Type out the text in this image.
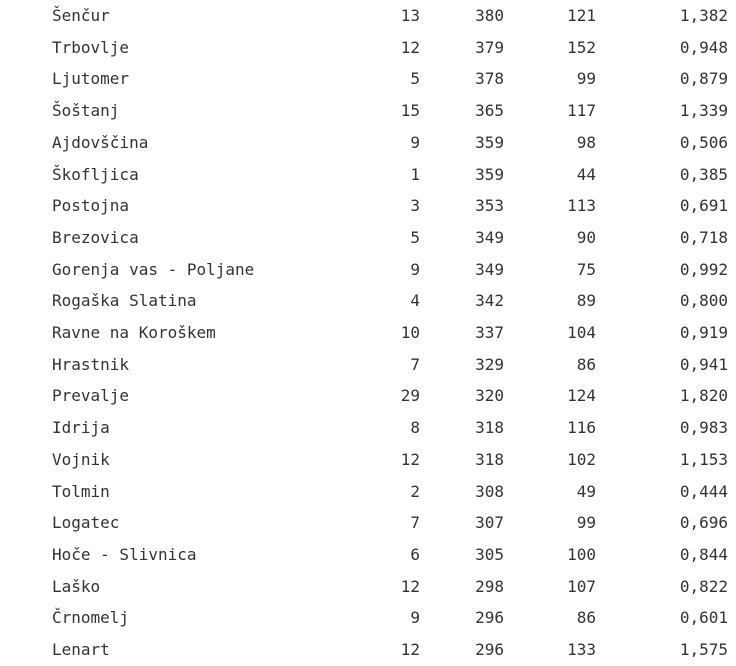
Šenčur	13	380	121	1,382
Trbovlje	12	379	152	0,948
Ljutomer	5	378	99	0,879
Šoštanj	15	365	117	1,339
Ajdovščina	9	359	98	0,506
Škofljica	1	359	44	0,385
Postojna	3	353	113	0,691
Brezovica	5	349	90	0,718
Gorenja vas - Poljane	9	349	75	0,992
Rogaška Slatina	4	342	89	0,800
Ravne na Koroškem	10	337	104	0,919
Hrastnik	7	329	86	0,941
Prevalje	29	320	124	1,820
Idrija	8	318	116	0,983
Vojnik	12	318	102	1,153
Tolmin	2	308	49	0,444
Logatec	7	307	99	0,696
Hoče - Slivnica	6	305	100	0,844
Laško	12	298	107	0,822
Črnomelj	9	296	86	0,601
Lenart	12	296	133	1,575
